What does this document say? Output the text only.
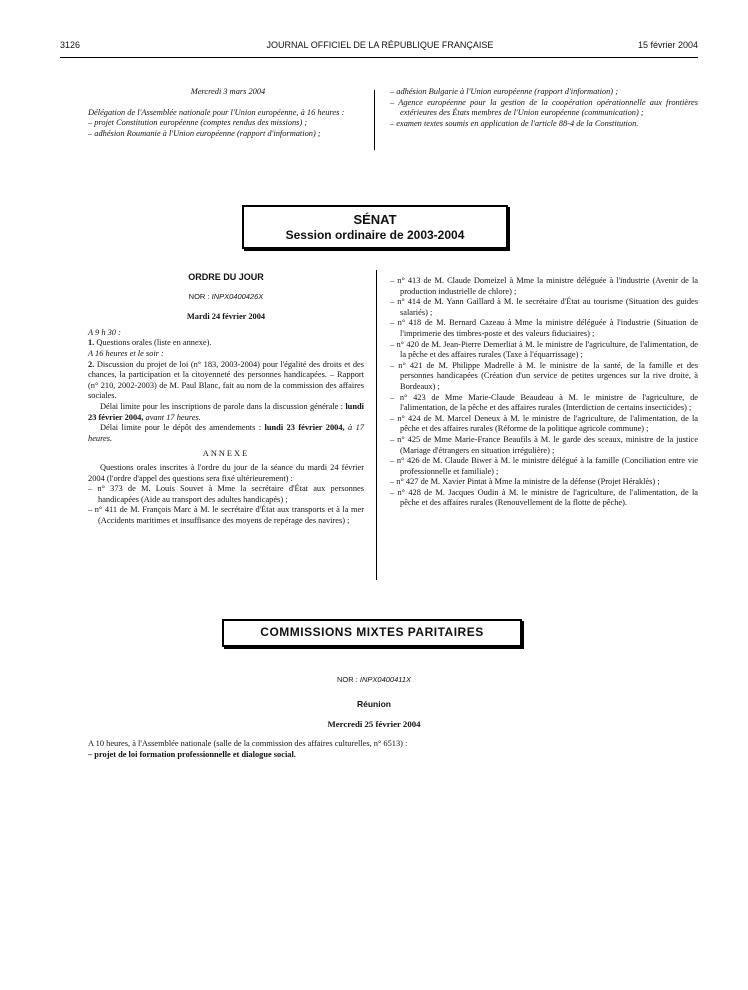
3126	JOURNAL OFFICIEL DE LA RÉPUBLIQUE FRANÇAISE	15 février 2004

Mercredi 3 mars 2004

Délégation de l'Assemblée nationale pour l'Union européenne, à 16 heures :

– projet Constitution européenne (comptes rendus des missions) ;

– adhésion Roumanie à l'Union européenne (rapport d'information) ;

– adhésion Bulgarie à l'Union européenne (rapport d'information) ;

– Agence européenne pour la gestion de la coopération opérationnelle aux frontières extérieures des États membres de l'Union européenne (communication) ;

– examen textes soumis en application de l'article 88-4 de la Constitution.

SÉNAT
Session ordinaire de 2003-2004

ORDRE DU JOUR

NOR : INPX0400426X

Mardi 24 février 2004

A 9 h 30 :

1. Questions orales (liste en annexe).

A 16 heures et le soir :

2. Discussion du projet de loi (n° 183, 2003-2004) pour l'égalité des droits et des chances, la participation et la citoyenneté des personnes handicapées. – Rapport (n° 210, 2002-2003) de M. Paul Blanc, fait au nom de la commission des affaires sociales.

Délai limite pour les inscriptions de parole dans la discussion générale : lundi 23 février 2004, avant 17 heures.

Délai limite pour le dépôt des amendements : lundi 23 février 2004, à 17 heures.

ANNEXE

Questions orales inscrites à l'ordre du jour de la séance du mardi 24 février 2004 (l'ordre d'appel des questions sera fixé ultérieurement) :

– n° 373 de M. Louis Souvet à Mme la secrétaire d'État aux personnes handicapées (Aide au transport des adultes handicapés) ;

– n° 411 de M. François Marc à M. le secrétaire d'État aux transports et à la mer (Accidents maritimes et insuffisance des moyens de repérage des navires) ;

– n° 413 de M. Claude Domeizel à Mme la ministre déléguée à l'industrie (Avenir de la production industrielle de chlore) ;

– n° 414 de M. Yann Gaillard à M. le secrétaire d'État au tourisme (Situation des guides salariés) ;

– n° 418 de M. Bernard Cazeau à Mme la ministre déléguée à l'industrie (Situation de l'imprimerie des timbres-poste et des valeurs fiduciaires) ;

– n° 420 de M. Jean-Pierre Demerliat à M. le ministre de l'agriculture, de l'alimentation, de la pêche et des affaires rurales (Taxe à l'équarrissage) ;

– n° 421 de M. Philippe Madrelle à M. le ministre de la santé, de la famille et des personnes handicapées (Création d'un service de petites urgences sur la rive droite, à Bordeaux) ;

– n° 423 de Mme Marie-Claude Beaudeau à M. le ministre de l'agriculture, de l'alimentation, de la pêche et des affaires rurales (Interdiction de certains insecticides) ;

– n° 424 de M. Marcel Deneux à M. le ministre de l'agriculture, de l'alimentation, de la pêche et des affaires rurales (Réforme de la politique agricole commune) ;

– n° 425 de Mme Marie-France Beaufils à M. le garde des sceaux, ministre de la justice (Mariage d'étrangers en situation irrégulière) ;

– n° 426 de M. Claude Biwer à M. le ministre délégué à la famille (Conciliation entre vie professionnelle et familiale) ;

– n° 427 de M. Xavier Pintat à Mme la ministre de la défense (Projet Héraklès) ;

– n° 428 de M. Jacques Oudin à M. le ministre de l'agriculture, de l'alimentation, de la pêche et des affaires rurales (Renouvellement de la flotte de pêche).

COMMISSIONS MIXTES PARITAIRES
NOR : INPX0400411X
Réunion
Mercredi 25 février 2004

A 10 heures, à l'Assemblée nationale (salle de la commission des affaires culturelles, n° 6513) :

– projet de loi formation professionnelle et dialogue social.
